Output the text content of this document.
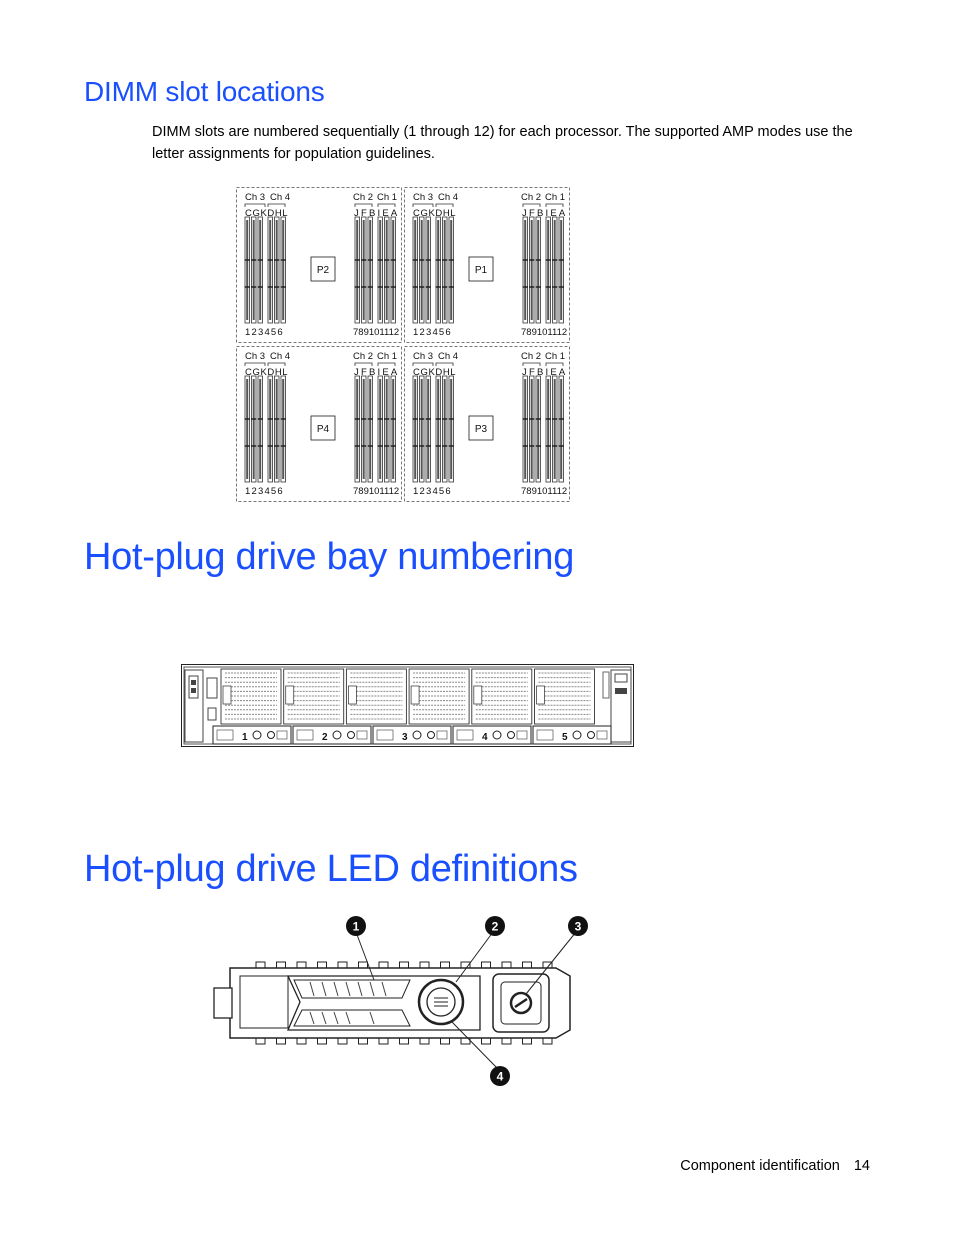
DIMM slot locations

DIMM slots are numbered sequentially (1 through 12) for each processor. The supported AMP modes use the letter assignments for population guidelines.

Ch 3 Ch 4	Ch 2 Ch 1
CGKDHL	JFBIEA
123456	789101112
P2
Ch 3 Ch 4	Ch 2 Ch 1
CGKDHL	JFBIEA
123456	789101112
P1
Ch 3 Ch 4	Ch 2 Ch 1
CGKDHL	JFBIEA
123456	789101112
P4
Ch 3 Ch 4	Ch 2 Ch 1
CGKDHL	JFBIEA
123456	789101112
P3
Hot-plug drive bay numbering
1	2	3	4	5
Hot-plug drive LED definitions
1	2	3
4
Component identification 14
